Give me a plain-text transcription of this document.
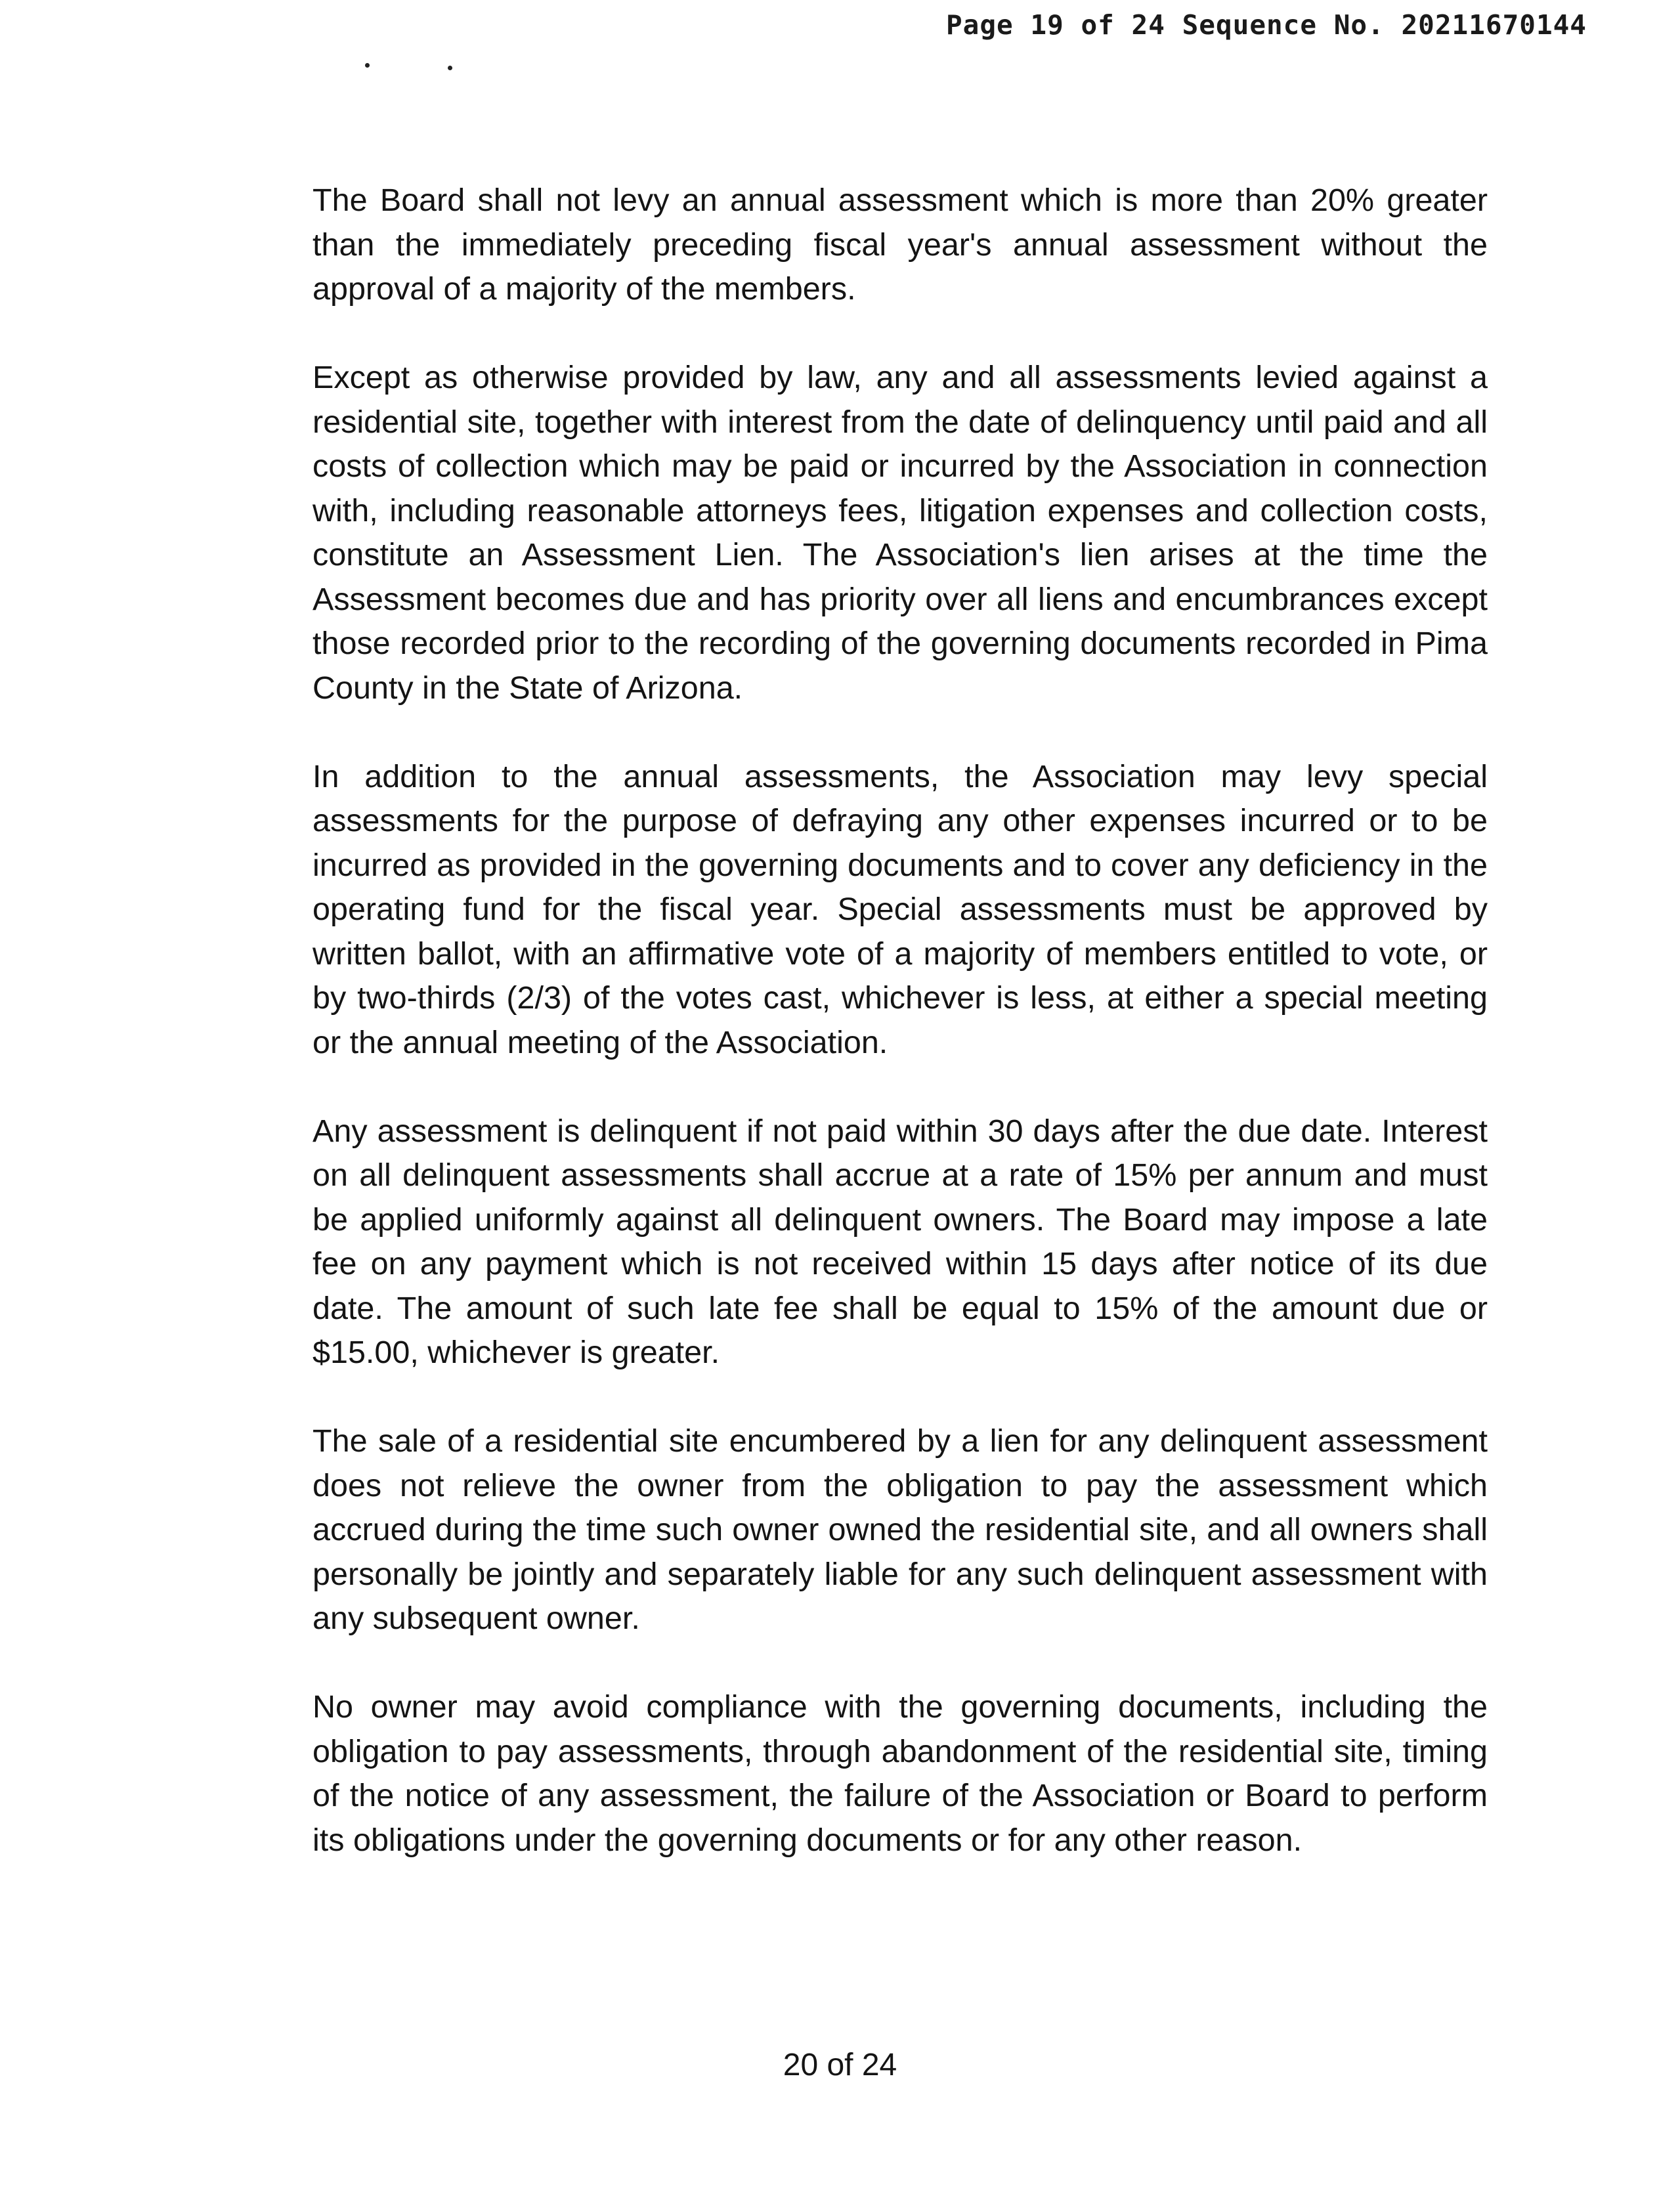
Page 19 of 24 Sequence No. 20211670144

The Board shall not levy an annual assessment which is more than 20% greater than the immediately preceding fiscal year's annual assessment without the approval of a majority of the members.

Except as otherwise provided by law, any and all assessments levied against a residential site, together with interest from the date of delinquency until paid and all costs of collection which may be paid or incurred by the Association in connection with, including reasonable attorneys fees, litigation expenses and collection costs, constitute an Assessment Lien. The Association's lien arises at the time the Assessment becomes due and has priority over all liens and encumbrances except those recorded prior to the recording of the governing documents recorded in Pima County in the State of Arizona.

In addition to the annual assessments, the Association may levy special assessments for the purpose of defraying any other expenses incurred or to be incurred as provided in the governing documents and to cover any deficiency in the operating fund for the fiscal year. Special assessments must be approved by written ballot, with an affirmative vote of a majority of members entitled to vote, or by two-thirds (2/3) of the votes cast, whichever is less, at either a special meeting or the annual meeting of the Association.

Any assessment is delinquent if not paid within 30 days after the due date. Interest on all delinquent assessments shall accrue at a rate of 15% per annum and must be applied uniformly against all delinquent owners. The Board may impose a late fee on any payment which is not received within 15 days after notice of its due date. The amount of such late fee shall be equal to 15% of the amount due or $15.00, whichever is greater.

The sale of a residential site encumbered by a lien for any delinquent assessment does not relieve the owner from the obligation to pay the assessment which accrued during the time such owner owned the residential site, and all owners shall personally be jointly and separately liable for any such delinquent assessment with any subsequent owner.

No owner may avoid compliance with the governing documents, including the obligation to pay assessments, through abandonment of the residential site, timing of the notice of any assessment, the failure of the Association or Board to perform its obligations under the governing documents or for any other reason.

20 of 24
